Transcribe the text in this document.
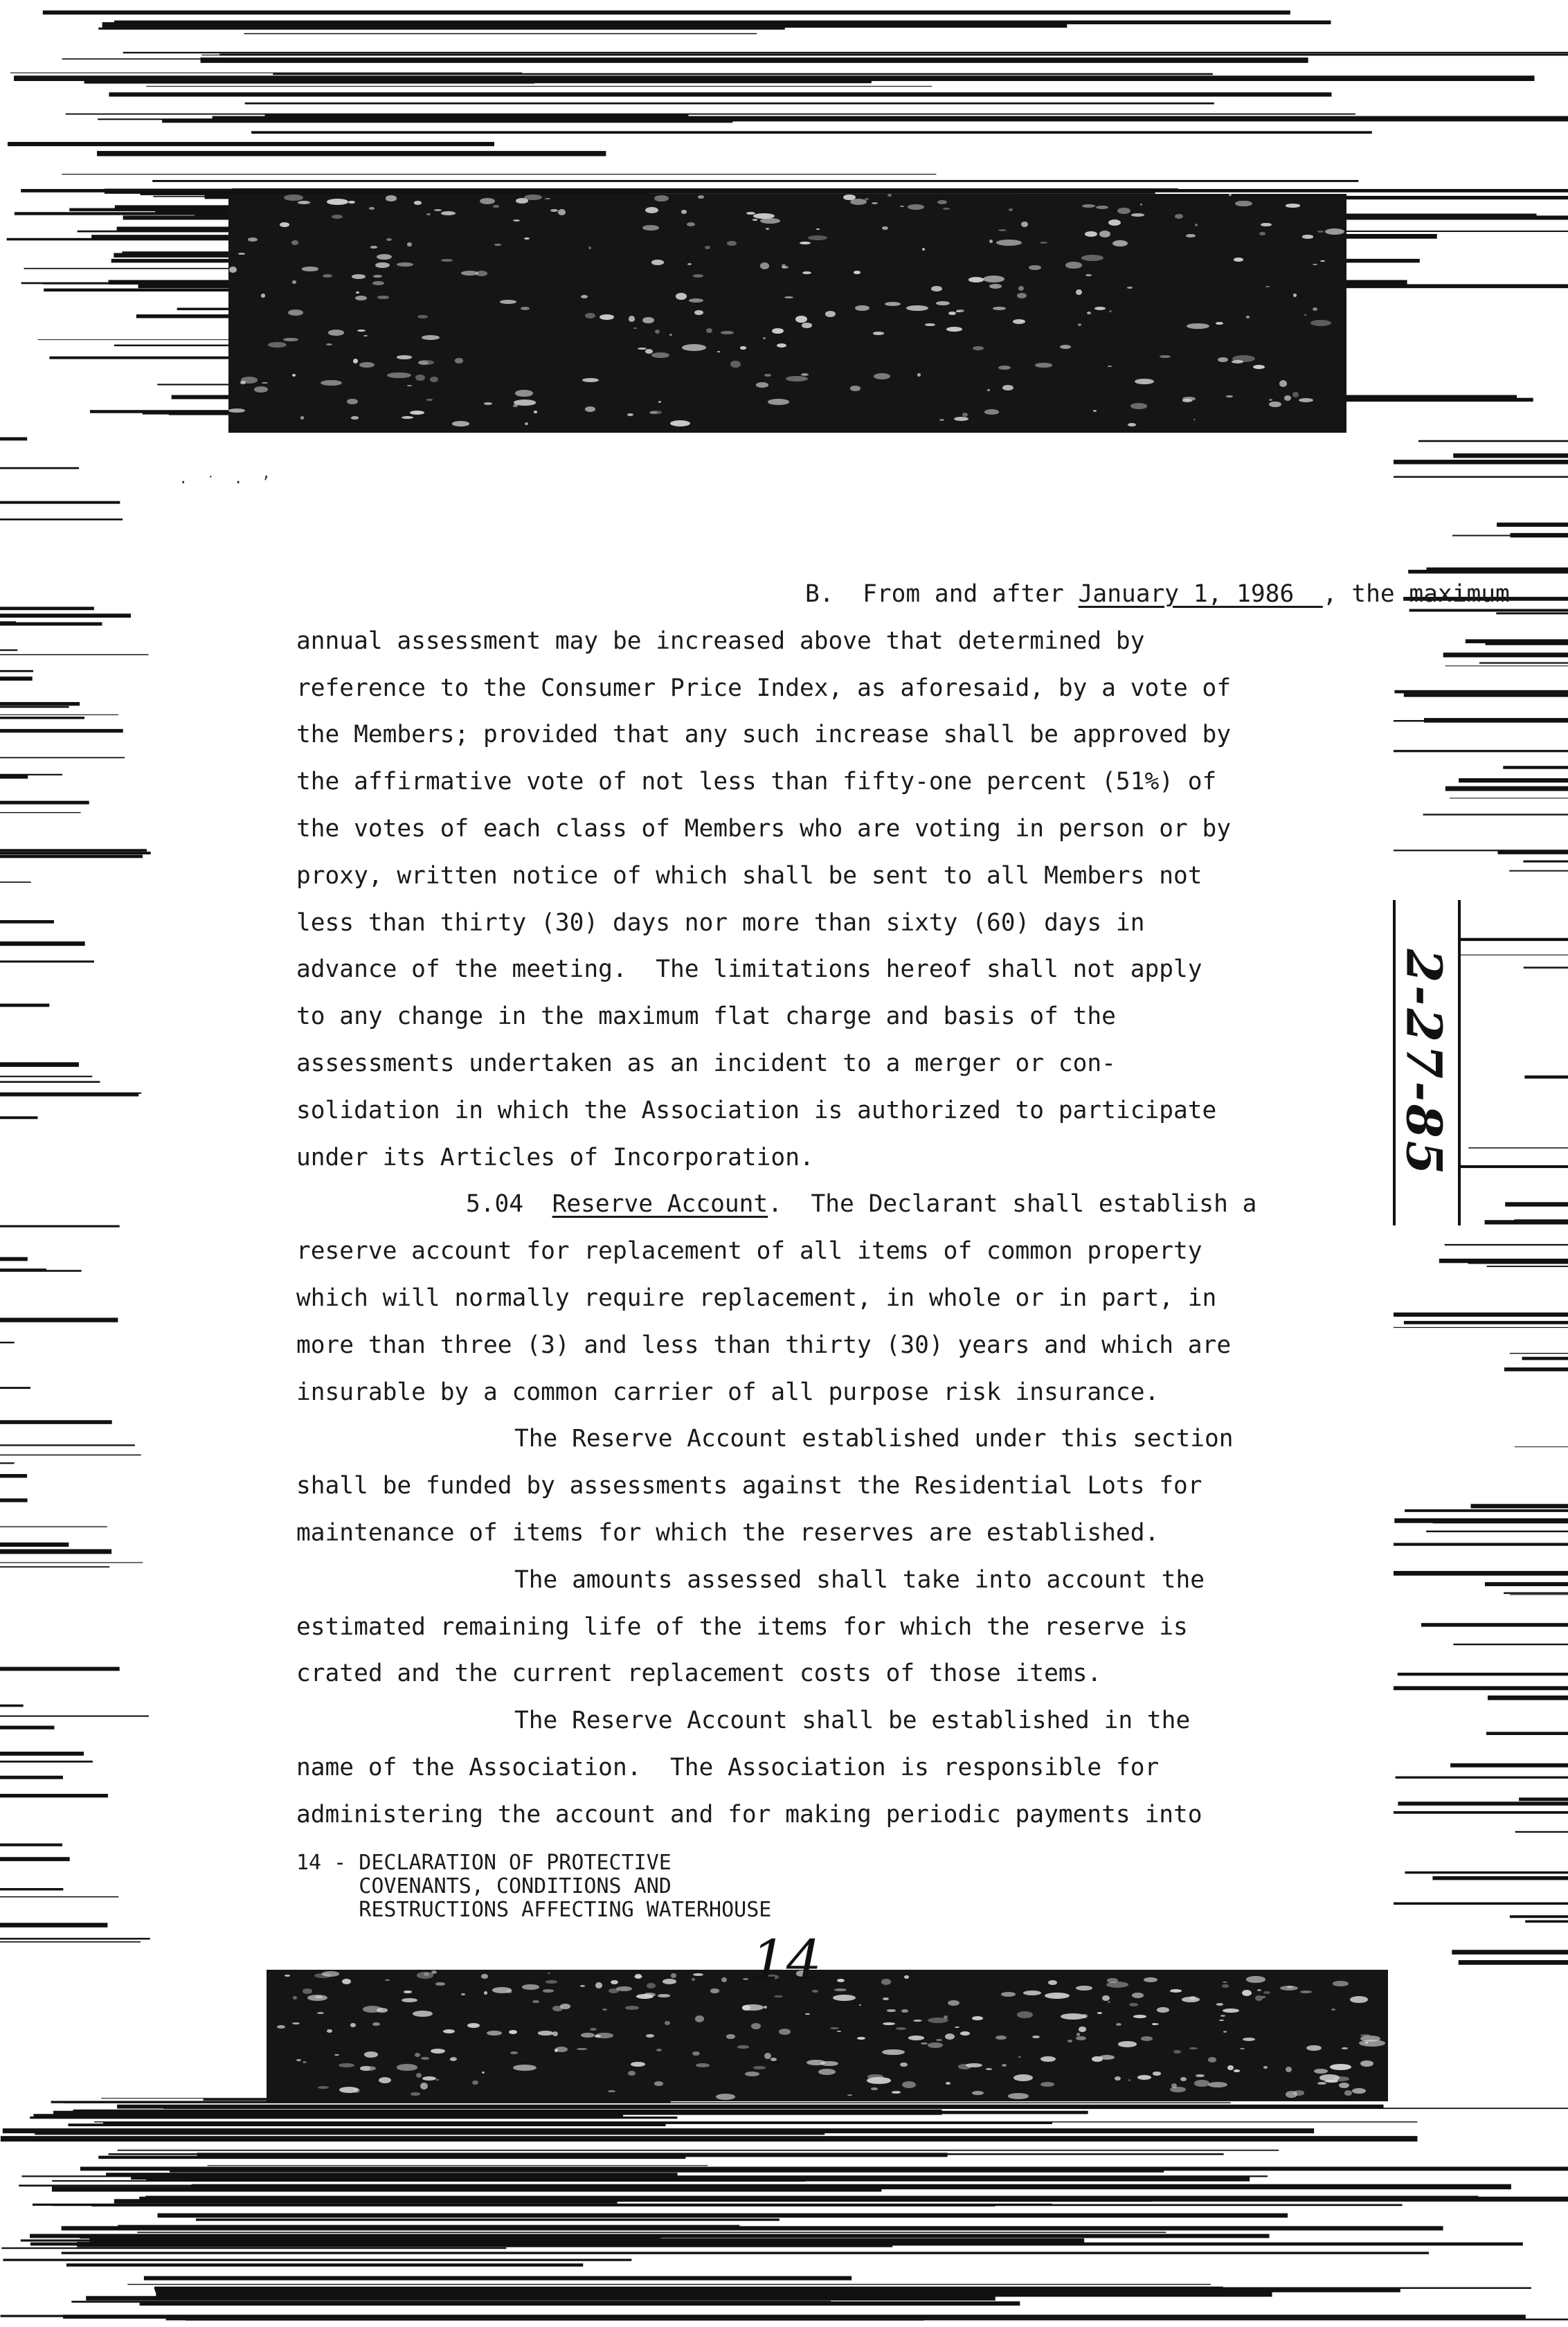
·  ˙  ·  ’
B.  From and after January 1, 1986  , the maximum
annual assessment may be increased above that determined by
reference to the Consumer Price Index, as aforesaid, by a vote of
the Members; provided that any such increase shall be approved by
the affirmative vote of not less than fifty-one percent (51%) of
the votes of each class of Members who are voting in person or by
proxy, written notice of which shall be sent to all Members not
less than thirty (30) days nor more than sixty (60) days in
advance of the meeting.  The limitations hereof shall not apply
to any change in the maximum flat charge and basis of the
assessments undertaken as an incident to a merger or con-
solidation in which the Association is authorized to participate
under its Articles of Incorporation.
5.04  Reserve Account.  The Declarant shall establish a
reserve account for replacement of all items of common property
which will normally require replacement, in whole or in part, in
more than three (3) and less than thirty (30) years and which are
insurable by a common carrier of all purpose risk insurance.
The Reserve Account established under this section
shall be funded by assessments against the Residential Lots for
maintenance of items for which the reserves are established.
The amounts assessed shall take into account the
estimated remaining life of the items for which the reserve is
crated and the current replacement costs of those items.
The Reserve Account shall be established in the
name of the Association.  The Association is responsible for
administering the account and for making periodic payments into
14 - DECLARATION OF PROTECTIVE
COVENANTS, CONDITIONS AND
RESTRUCTIONS AFFECTING WATERHOUSE
14
2-27-85
